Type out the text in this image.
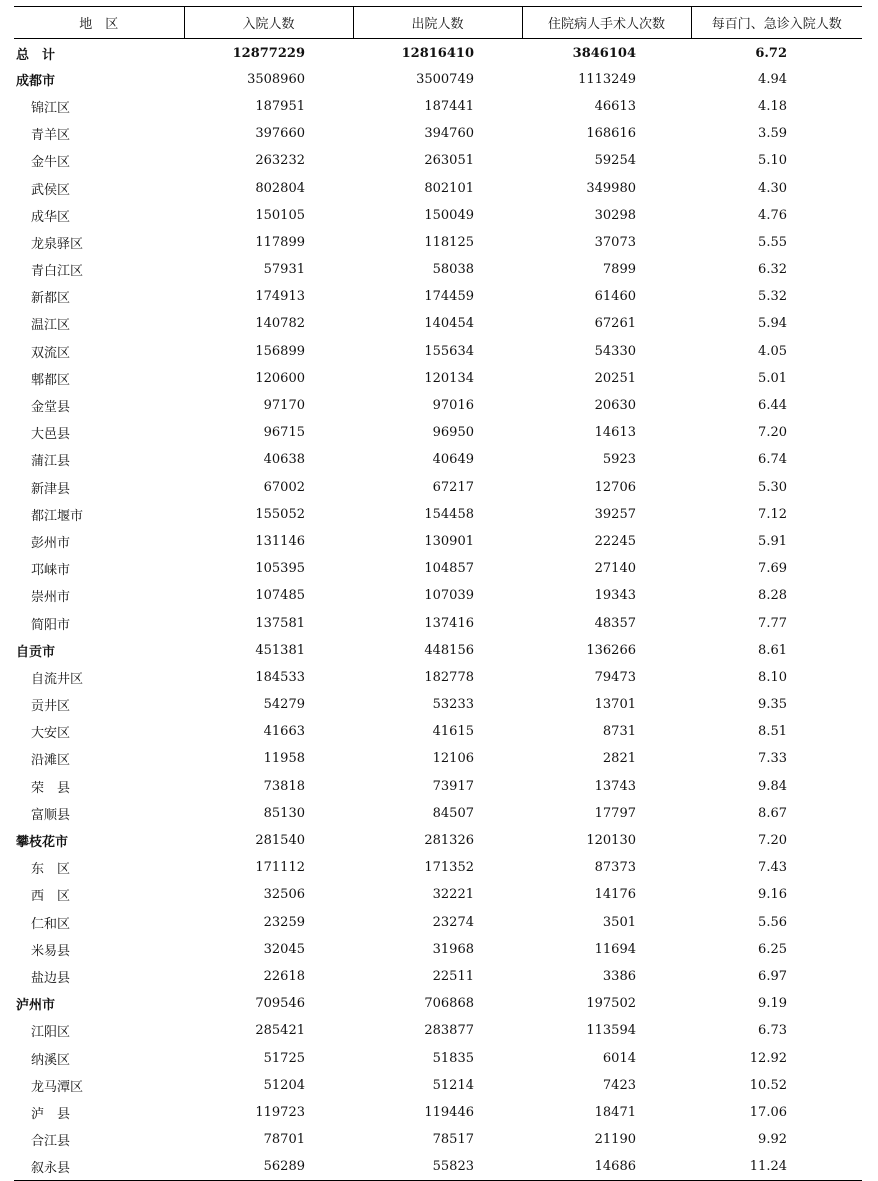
地　区	入院人数	出院人数	住院病人手术人次数	每百门、急诊入院人数
总　计	12877229	12816410	3846104	6.72
成都市	3508960	3500749	1113249	4.94
锦江区	187951	187441	46613	4.18
青羊区	397660	394760	168616	3.59
金牛区	263232	263051	59254	5.10
武侯区	802804	802101	349980	4.30
成华区	150105	150049	30298	4.76
龙泉驿区	117899	118125	37073	5.55
青白江区	57931	58038	7899	6.32
新都区	174913	174459	61460	5.32
温江区	140782	140454	67261	5.94
双流区	156899	155634	54330	4.05
郫都区	120600	120134	20251	5.01
金堂县	97170	97016	20630	6.44
大邑县	96715	96950	14613	7.20
蒲江县	40638	40649	5923	6.74
新津县	67002	67217	12706	5.30
都江堰市	155052	154458	39257	7.12
彭州市	131146	130901	22245	5.91
邛崃市	105395	104857	27140	7.69
崇州市	107485	107039	19343	8.28
简阳市	137581	137416	48357	7.77
自贡市	451381	448156	136266	8.61
自流井区	184533	182778	79473	8.10
贡井区	54279	53233	13701	9.35
大安区	41663	41615	8731	8.51
沿滩区	11958	12106	2821	7.33
荣　县	73818	73917	13743	9.84
富顺县	85130	84507	17797	8.67
攀枝花市	281540	281326	120130	7.20
东　区	171112	171352	87373	7.43
西　区	32506	32221	14176	9.16
仁和区	23259	23274	3501	5.56
米易县	32045	31968	11694	6.25
盐边县	22618	22511	3386	6.97
泸州市	709546	706868	197502	9.19
江阳区	285421	283877	113594	6.73
纳溪区	51725	51835	6014	12.92
龙马潭区	51204	51214	7423	10.52
泸　县	119723	119446	18471	17.06
合江县	78701	78517	21190	9.92
叙永县	56289	55823	14686	11.24
